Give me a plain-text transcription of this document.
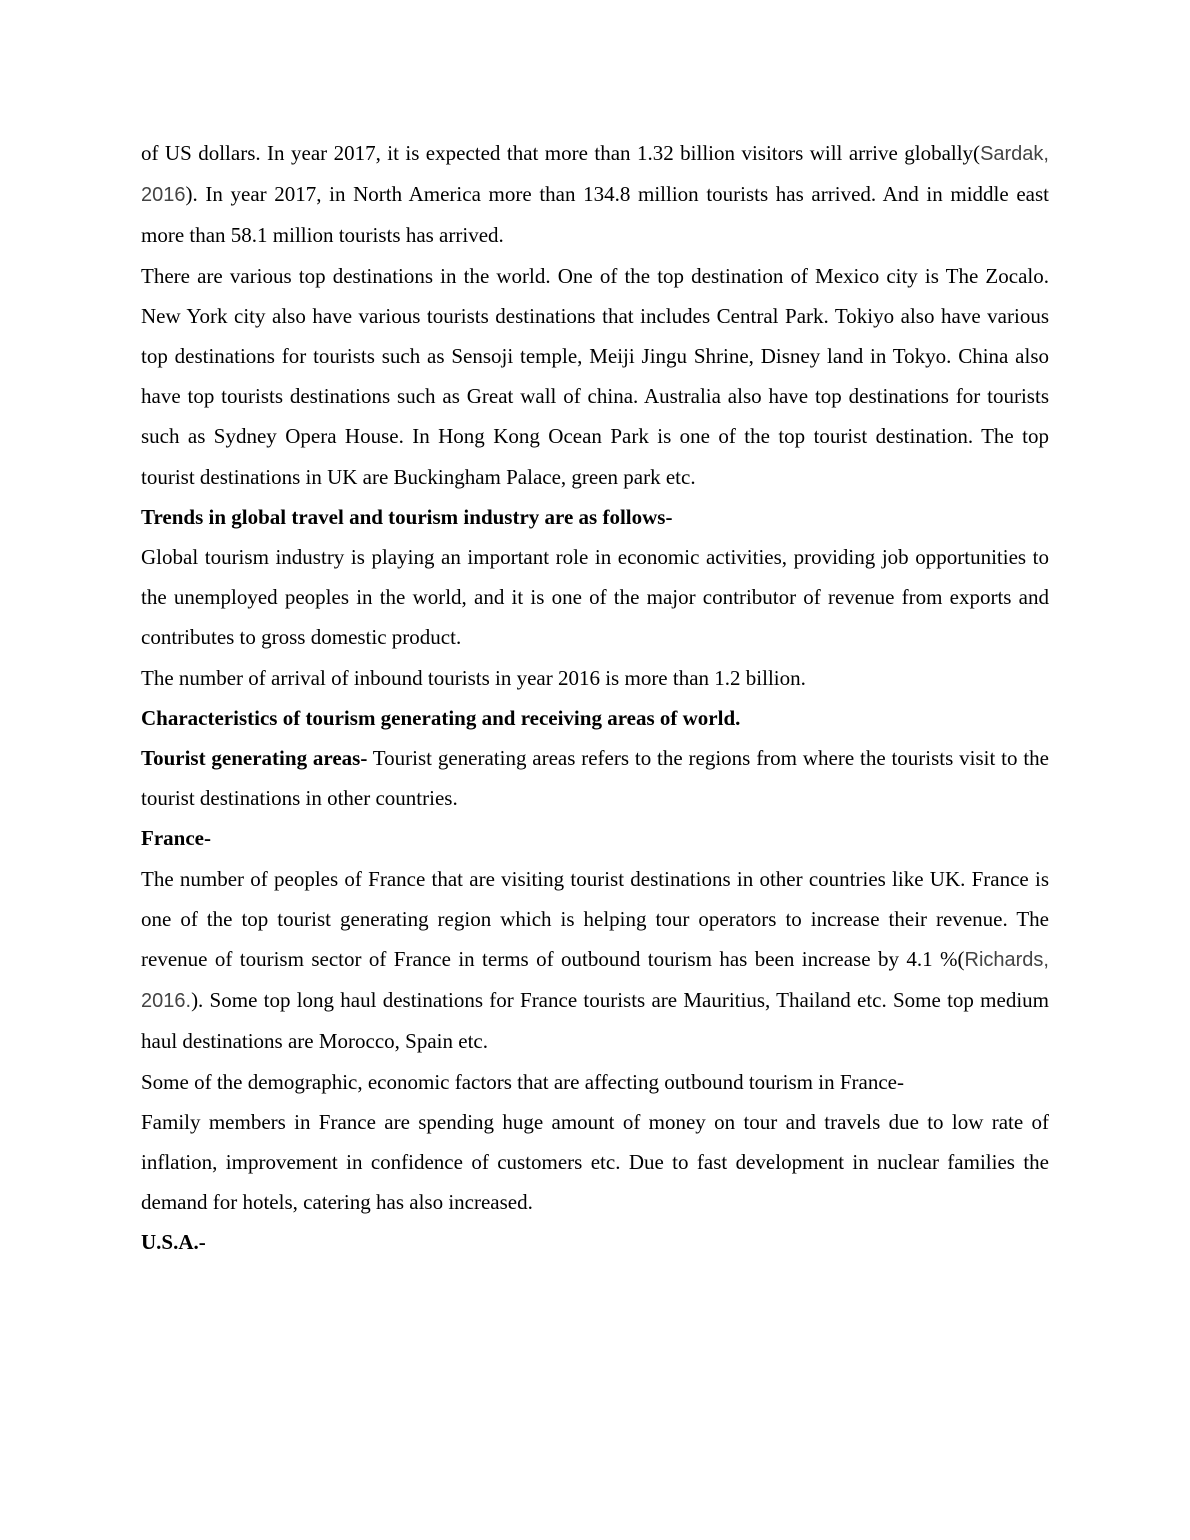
of US dollars. In year 2017, it is expected that more than 1.32 billion visitors will arrive globally(Sardak, 2016). In year 2017, in North America more than 134.8 million tourists has arrived. And in middle east more than 58.1 million tourists has arrived.

There are various top destinations in the world. One of the top destination of Mexico city is The Zocalo. New York city also have various tourists destinations that includes Central Park. Tokiyo also have various top destinations for tourists such as Sensoji temple, Meiji Jingu Shrine, Disney land in Tokyo. China also have top tourists destinations such as Great wall of china. Australia also have top destinations for tourists such as Sydney Opera House. In Hong Kong Ocean Park is one of the top tourist destination. The top tourist destinations in UK are Buckingham Palace, green park etc.

Trends in global travel and tourism industry are as follows-

Global tourism industry is playing an important role in economic activities, providing job opportunities to the unemployed peoples in the world, and it is one of the major contributor of revenue from exports and contributes to gross domestic product.

The number of arrival of inbound tourists in year 2016 is more than 1.2 billion.

Characteristics of tourism generating and receiving areas of world.

Tourist generating areas- Tourist generating areas refers to the regions from where the tourists visit to the tourist destinations in other countries.

France-

The number of peoples of France that are visiting tourist destinations in other countries like UK. France is one of the top tourist generating region which is helping tour operators to increase their revenue. The revenue of tourism sector of France in terms of outbound tourism has been increase by 4.1 %(Richards, 2016.). Some top long haul destinations for France tourists are Mauritius, Thailand etc. Some top medium haul destinations are Morocco, Spain etc.

Some of the demographic, economic factors that are affecting outbound tourism in France-

Family members in France are spending huge amount of money on tour and travels due to low rate of inflation, improvement in confidence of customers etc. Due to fast development in nuclear families the demand for hotels, catering has also increased.

U.S.A.-
